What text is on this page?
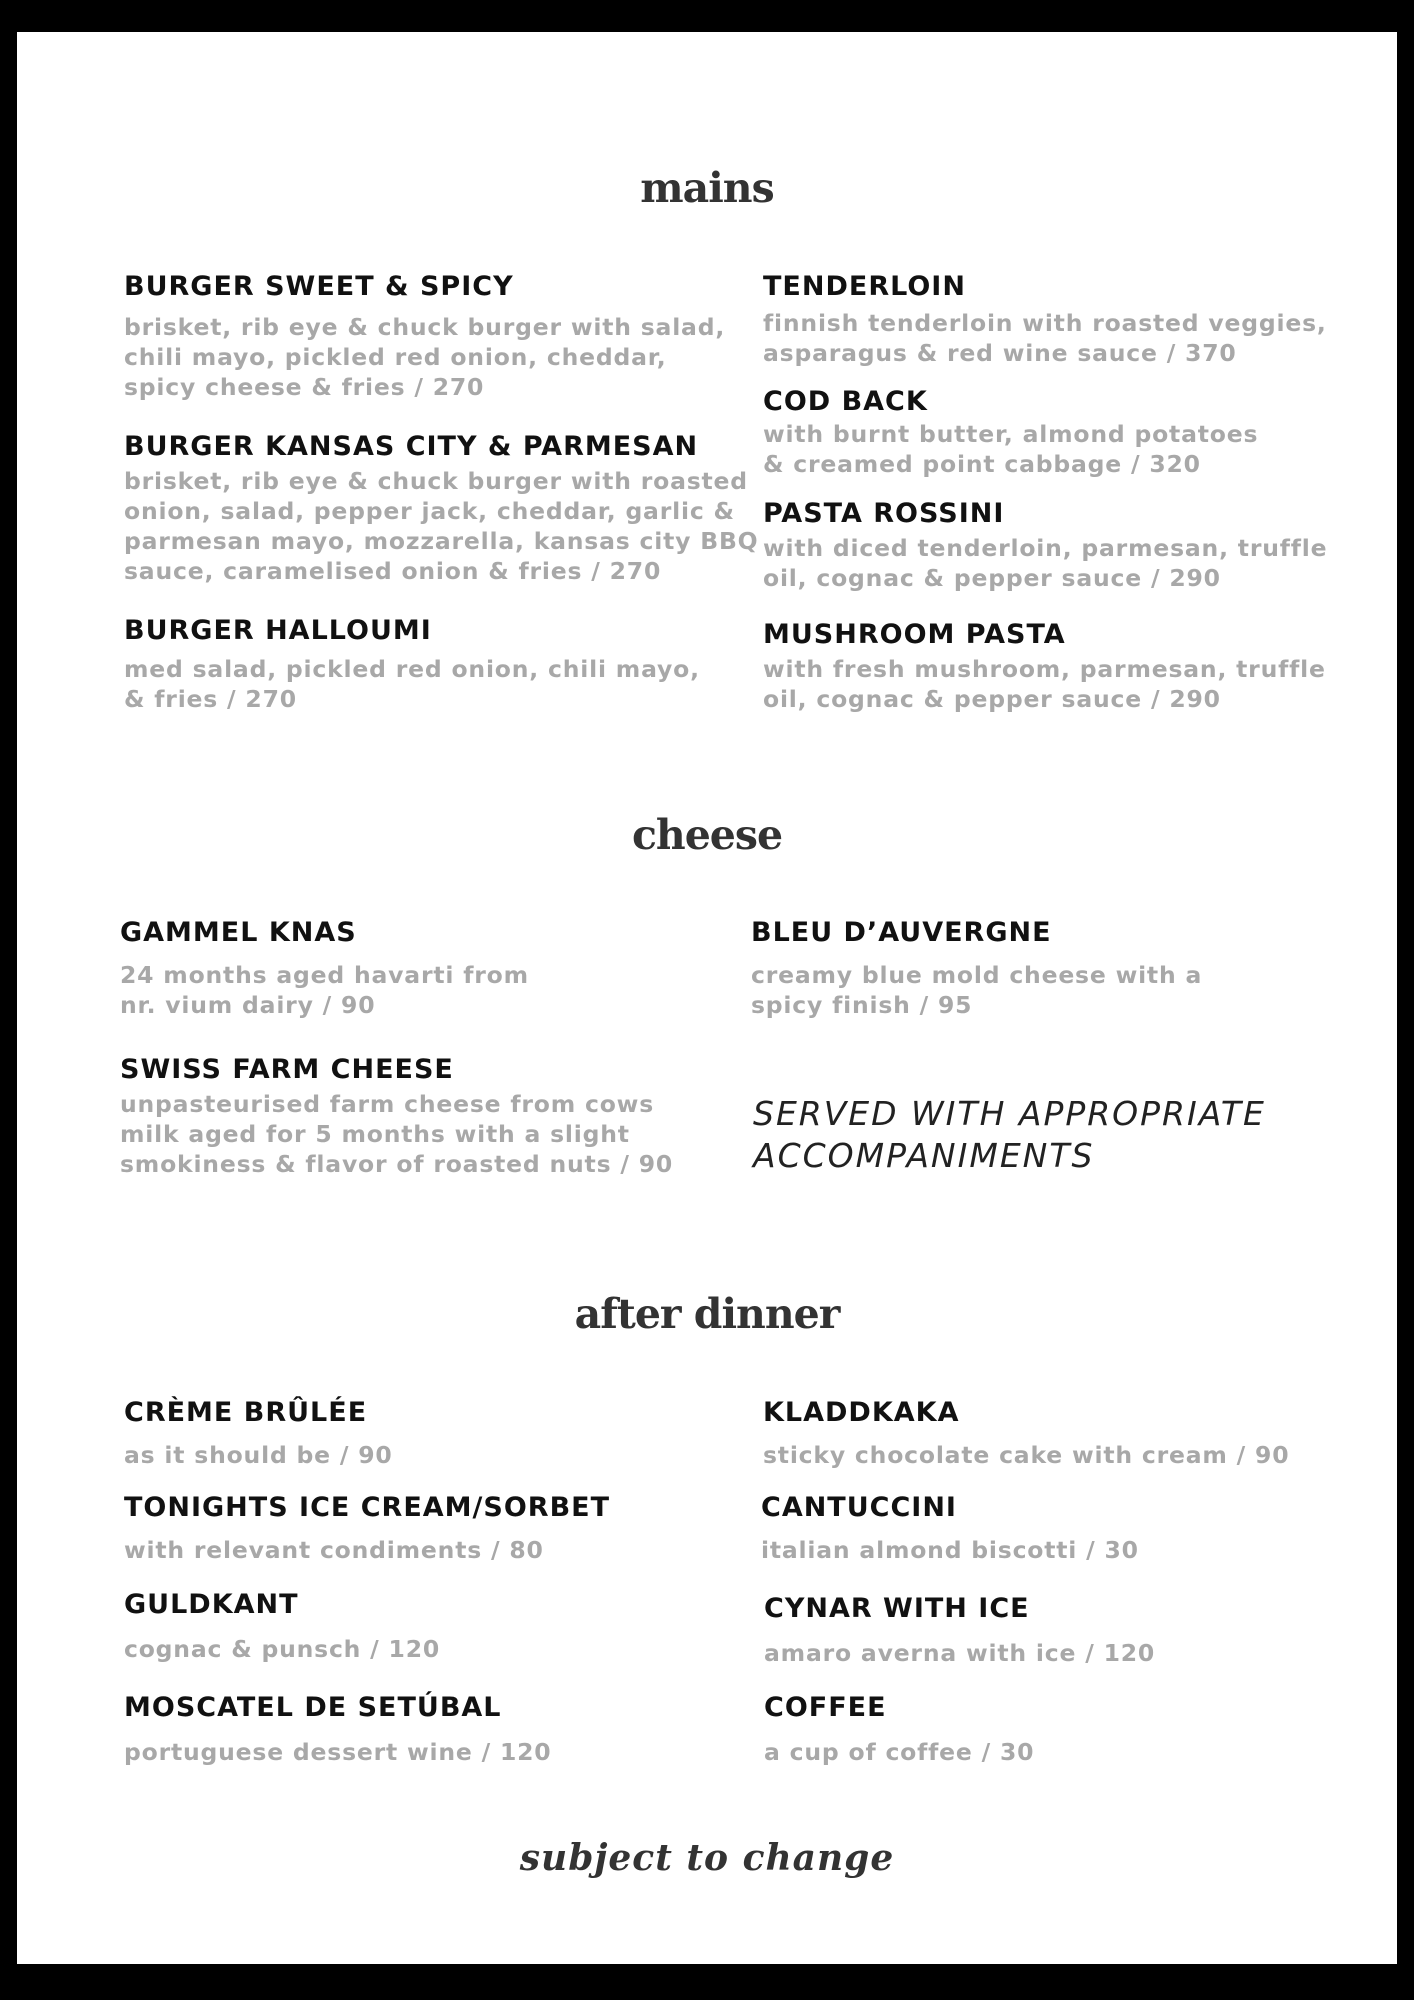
mains
BURGER SWEET & SPICY
brisket, rib eye & chuck burger with salad,
chili mayo, pickled red onion, cheddar,
spicy cheese & fries / 270
BURGER KANSAS CITY & PARMESAN
brisket, rib eye & chuck burger with roasted
onion, salad, pepper jack, cheddar, garlic &
parmesan mayo, mozzarella, kansas city BBQ
sauce, caramelised onion & fries / 270
BURGER HALLOUMI
med salad, pickled red onion, chili mayo,
& fries / 270
TENDERLOIN
finnish tenderloin with roasted veggies,
asparagus & red wine sauce / 370
COD BACK
with burnt butter, almond potatoes
& creamed point cabbage / 320
PASTA ROSSINI
with diced tenderloin, parmesan, truffle
oil, cognac & pepper sauce / 290
MUSHROOM PASTA
with fresh mushroom, parmesan, truffle
oil, cognac & pepper sauce / 290
cheese
GAMMEL KNAS
24 months aged havarti from
nr. vium dairy / 90
SWISS FARM CHEESE
unpasteurised farm cheese from cows
milk aged for 5 months with a slight
smokiness & flavor of roasted nuts / 90
BLEU D’AUVERGNE
creamy blue mold cheese with a
spicy finish / 95
SERVED WITH APPROPRIATE
ACCOMPANIMENTS
after dinner
CRÈME BRÛLÉE
as it should be / 90
TONIGHTS ICE CREAM/SORBET
with relevant condiments / 80
GULDKANT
cognac & punsch / 120
MOSCATEL DE SETÚBAL
portuguese dessert wine / 120
KLADDKAKA
sticky chocolate cake with cream / 90
CANTUCCINI
italian almond biscotti / 30
CYNAR WITH ICE
amaro averna with ice / 120
COFFEE
a cup of coffee / 30
subject to change
